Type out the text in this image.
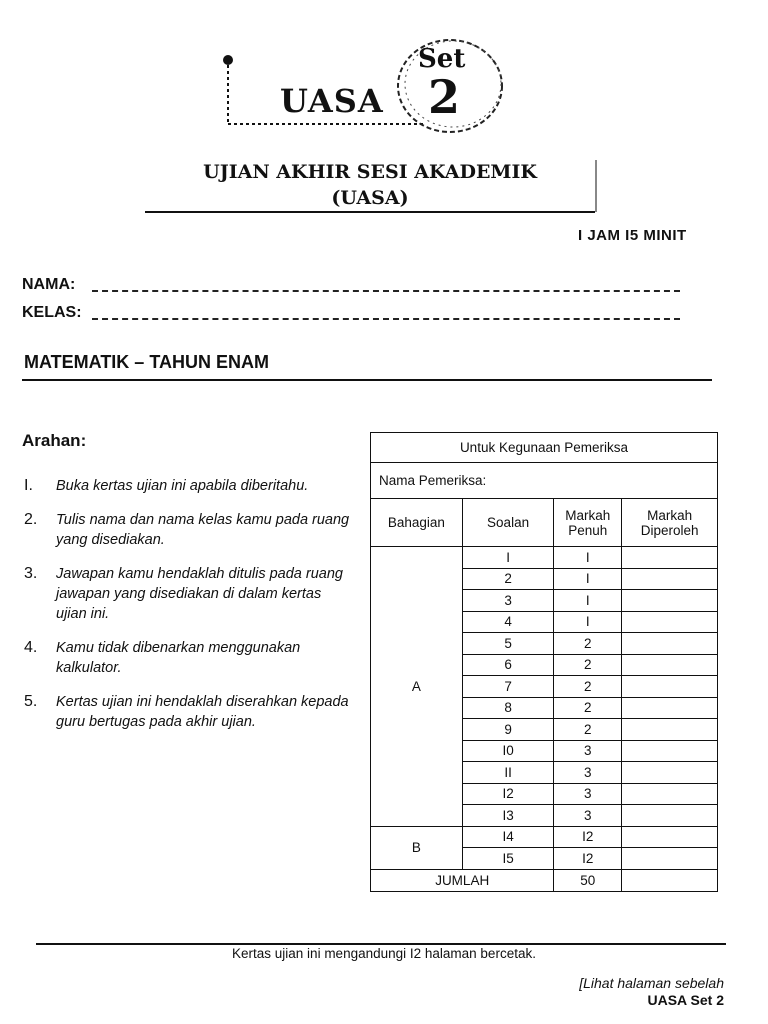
UASA
Set
2
UJIAN AKHIR SESI AKADEMIK
(UASA)
I JAM I5 MINIT
NAMA:
KELAS:
MATEMATIK – TAHUN ENAM
Arahan:
I. Buka kertas ujian ini apabila diberitahu.
2. Tulis nama dan nama kelas kamu pada ruang yang disediakan.
3. Jawapan kamu hendaklah ditulis pada ruang jawapan yang disediakan di dalam kertas ujian ini.
4. Kamu tidak dibenarkan menggunakan kalkulator.
5. Kertas ujian ini hendaklah diserahkan kepada guru bertugas pada akhir ujian.
Untuk Kegunaan Pemeriksa			
Nama Pemeriksa:			
Bahagian	Soalan	Markah Penuh	Markah Diperoleh
A	I	I	
	2	I	
	3	I	
	4	I	
	5	2	
	6	2	
	7	2	
	8	2	
	9	2	
	I0	3	
	II	3	
	I2	3	
	I3	3	
B	I4	I2	
	I5	I2	
JUMLAH		50	
Kertas ujian ini mengandungi I2 halaman bercetak.
[Lihat halaman sebelah
UASA Set 2
